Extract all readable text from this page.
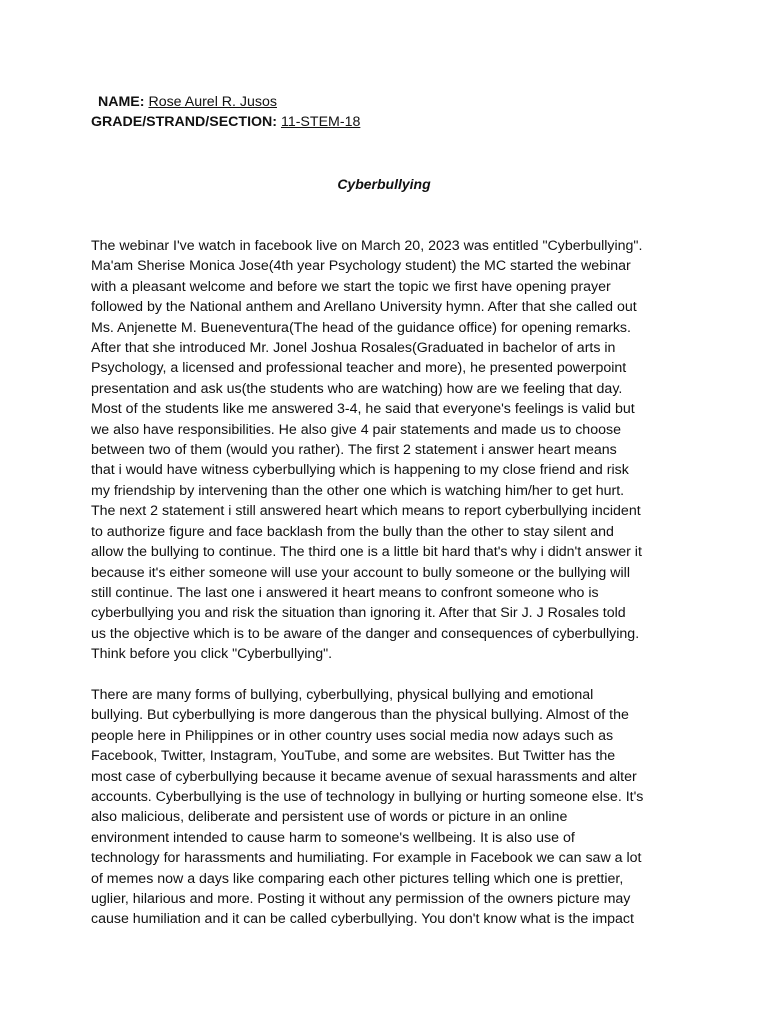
NAME: Rose Aurel R. Jusos
GRADE/STRAND/SECTION: 11-STEM-18
Cyberbullying

The webinar I've watch in facebook live on March 20, 2023 was entitled "Cyberbullying".
Ma'am Sherise Monica Jose(4th year Psychology student) the MC started the webinar
with a pleasant welcome and before we start the topic we first have opening prayer
followed by the National anthem and Arellano University hymn. After that she called out
Ms. Anjenette M. Bueneventura(The head of the guidance office) for opening remarks.
After that she introduced Mr. Jonel Joshua Rosales(Graduated in bachelor of arts in
Psychology, a licensed and professional teacher and more), he presented powerpoint
presentation and ask us(the students who are watching) how are we feeling that day.
Most of the students like me answered 3-4, he said that everyone's feelings is valid but
we also have responsibilities. He also give 4 pair statements and made us to choose
between two of them (would you rather). The first 2 statement i answer heart means
that i would have witness cyberbullying which is happening to my close friend and risk
my friendship by intervening than the other one which is watching him/her to get hurt.
The next 2 statement i still answered heart which means to report cyberbullying incident
to authorize figure and face backlash from the bully than the other to stay silent and
allow the bullying to continue. The third one is a little bit hard that's why i didn't answer it
because it's either someone will use your account to bully someone or the bullying will
still continue. The last one i answered it heart means to confront someone who is
cyberbullying you and risk the situation than ignoring it. After that Sir J. J Rosales told
us the objective which is to be aware of the danger and consequences of cyberbullying.
Think before you click "Cyberbullying".

There are many forms of bullying, cyberbullying, physical bullying and emotional
bullying. But cyberbullying is more dangerous than the physical bullying. Almost of the
people here in Philippines or in other country uses social media now adays such as
Facebook, Twitter, Instagram, YouTube, and some are websites. But Twitter has the
most case of cyberbullying because it became avenue of sexual harassments and alter
accounts. Cyberbullying is the use of technology in bullying or hurting someone else. It's
also malicious, deliberate and persistent use of words or picture in an online
environment intended to cause harm to someone's wellbeing. It is also use of
technology for harassments and humiliating. For example in Facebook we can saw a lot
of memes now a days like comparing each other pictures telling which one is prettier,
uglier, hilarious and more. Posting it without any permission of the owners picture may
cause humiliation and it can be called cyberbullying. You don't know what is the impact
